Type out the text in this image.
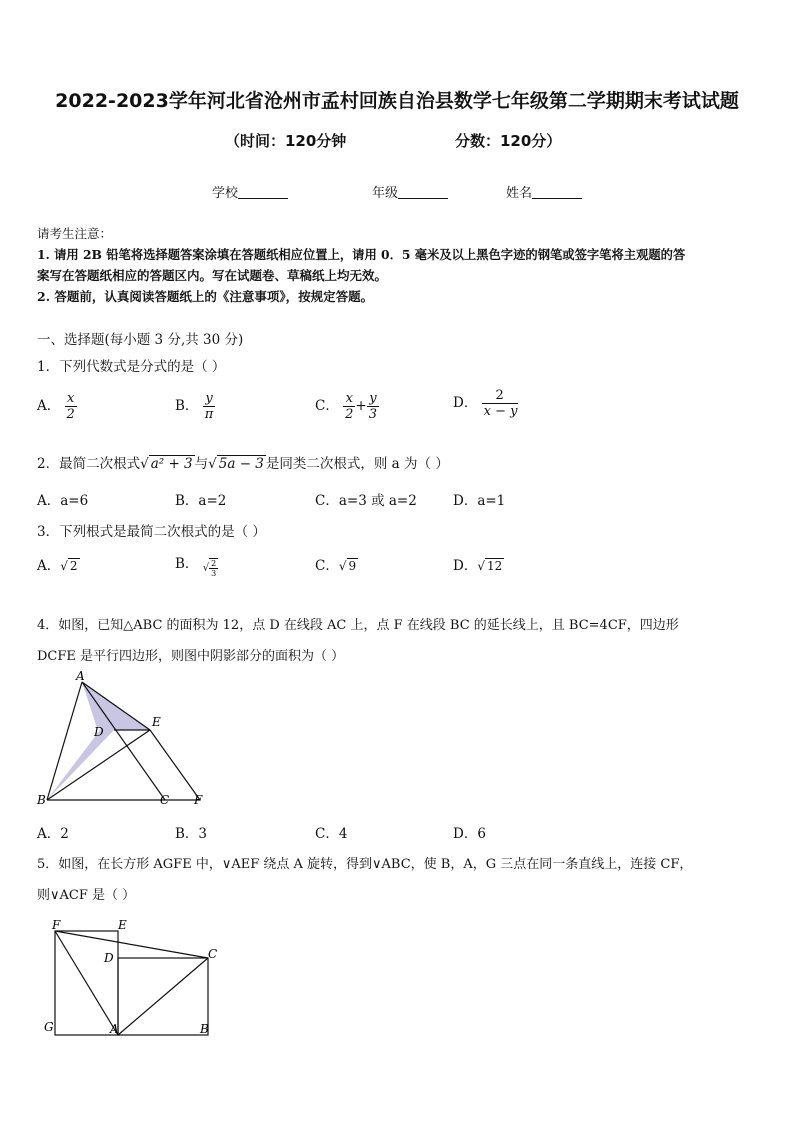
2022-2023学年河北省沧州市孟村回族自治县数学七年级第二学期期末考试试题
（时间：120分钟	分数：120分）
学校	年级	姓名
请考生注意：
1. 请用 2B 铅笔将选择题答案涂填在答题纸相应位置上，请用 0．5 毫米及以上黑色字迹的钢笔或签字笔将主观题的答
案写在答题纸相应的答题区内。写在试题卷、草稿纸上均无效。
2. 答题前，认真阅读答题纸上的《注意事项》，按规定答题。
一、选择题(每小题 3 分,共 30 分)
1．下列代数式是分式的是（ ）
A． $\frac{x}{2}$	B． $\frac{y}{\pi}$	C． $\frac{x}{2} + \frac{y}{3}$	D． $\frac{2}{x - y}$
2．最简二次根式√ a² + 3 与√ 5a − 3 是同类二次根式，则 a 为（ ）
A．a=6	B．a=2	C．a=3 或 a=2	D．a=1
3．下列根式是最简二次根式的是（ ）
A．√ 2	B． √ $\frac{2}{3}$	C．√ 9	D．√ 12
4．如图，已知△ABC 的面积为 12，点 D 在线段 AC 上，点 F 在线段 BC 的延长线上，且 BC=4CF，四边形
DCFE 是平行四边形，则图中阴影部分的面积为（ ）
A
D
E
B	C F
A．2	B．3	C．4	D．6
5．如图，在长方形 AGFE 中，∨AEF 绕点 A 旋转，得到∨ABC，使 B，A，G 三点在同一条直线上，连接 CF，
则∨ACF 是（ ）
F	E
D	C
G	A	B
